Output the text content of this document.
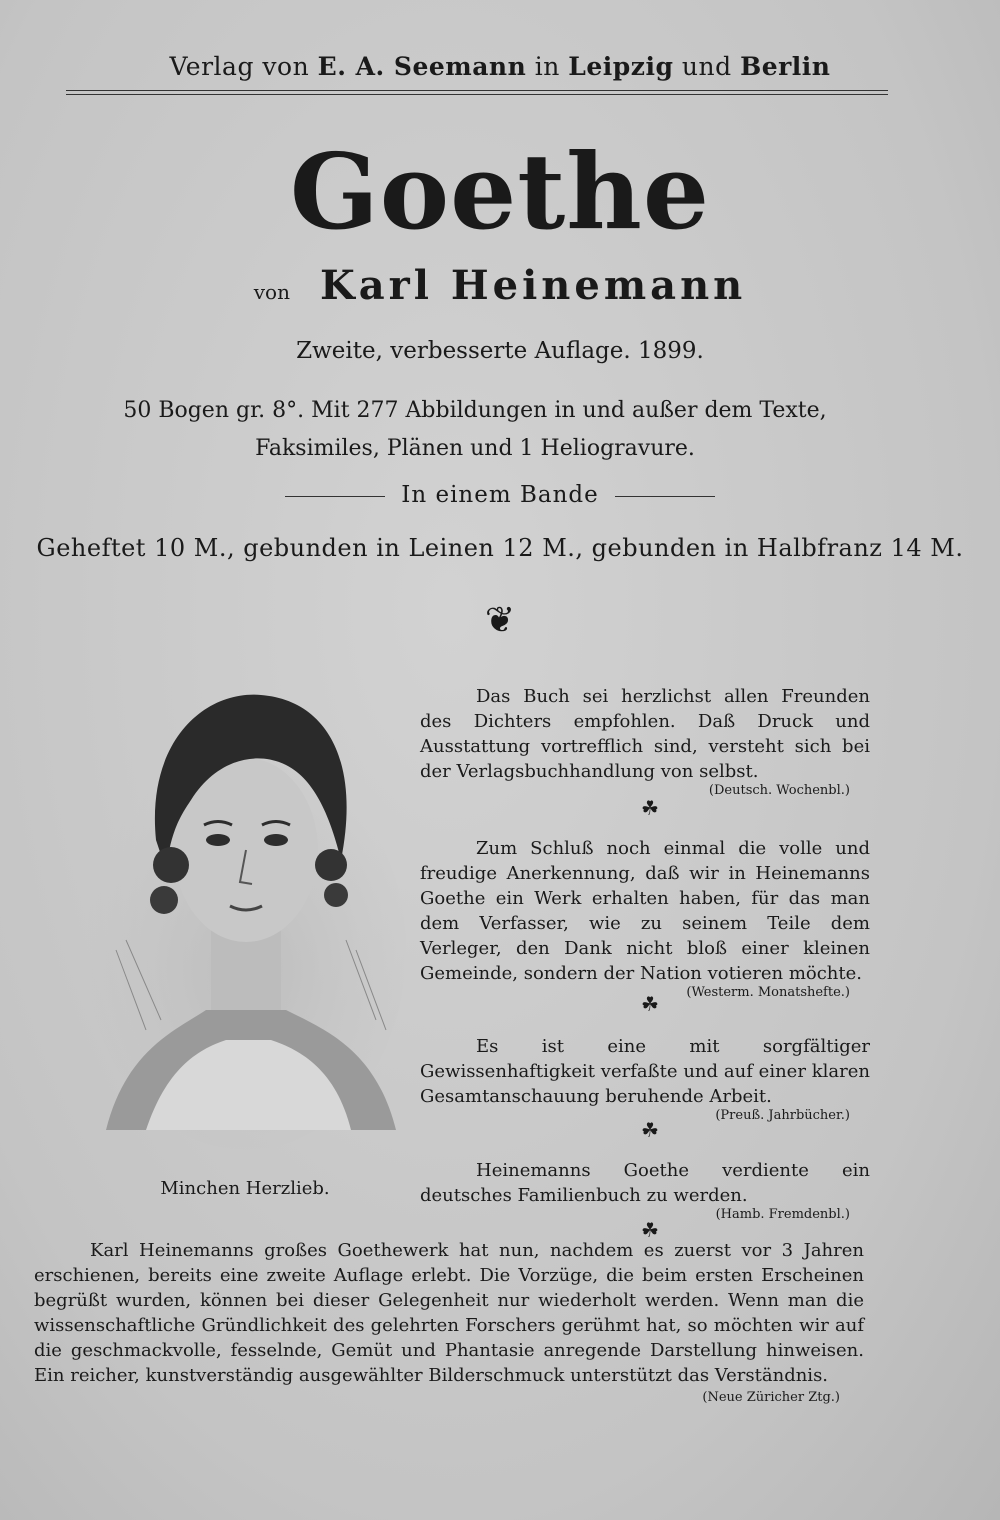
Verlag von E. A. Seemann in Leipzig und Berlin
Goethe
von Karl Heinemann
Zweite, verbesserte Auflage. 1899.
50 Bogen gr. 8°. Mit 277 Abbildungen in und außer dem Texte, Faksimiles, Plänen und 1 Heliogravure.
In einem Bande
Geheftet 10 M., gebunden in Leinen 12 M., gebunden in Halbfranz 14 M.
❦
Minchen Herzlieb.
Das Buch sei herzlichst allen Freunden des Dichters empfohlen. Daß Druck und Ausstattung vortrefflich sind, versteht sich bei der Verlagsbuchhandlung von selbst.
(Deutsch. Wochenbl.)
☘
Zum Schluß noch einmal die volle und freudige Anerkennung, daß wir in Heinemanns Goethe ein Werk erhalten haben, für das man dem Verfasser, wie zu seinem Teile dem Verleger, den Dank nicht bloß einer kleinen Gemeinde, sondern der Nation votieren möchte.
(Westerm. Monatshefte.)
☘
Es ist eine mit sorgfältiger Gewissenhaftigkeit verfaßte und auf einer klaren Gesamtanschauung beruhende Arbeit.
(Preuß. Jahrbücher.)
☘
Heinemanns Goethe verdiente ein deutsches Familienbuch zu werden.
(Hamb. Fremdenbl.)
☘
Karl Heinemanns großes Goethewerk hat nun, nachdem es zuerst vor 3 Jahren erschienen, bereits eine zweite Auflage erlebt. Die Vorzüge, die beim ersten Erscheinen begrüßt wurden, können bei dieser Gelegenheit nur wiederholt werden. Wenn man die wissenschaftliche Gründlichkeit des gelehrten Forschers gerühmt hat, so möchten wir auf die geschmackvolle, fesselnde, Gemüt und Phantasie anregende Darstellung hinweisen. Ein reicher, kunstverständig ausgewählter Bilderschmuck unterstützt das Verständnis.
(Neue Züricher Ztg.)
